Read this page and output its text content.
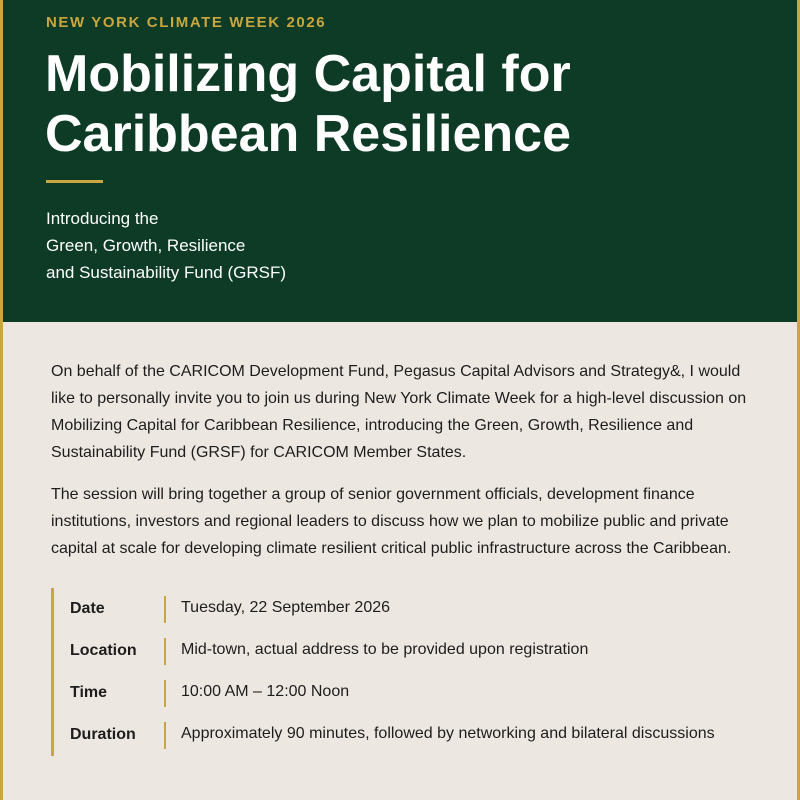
NEW YORK CLIMATE WEEK 2026
Mobilizing Capital for
Caribbean Resilience
Introducing the
Green, Growth, Resilience
and Sustainability Fund (GRSF)

On behalf of the CARICOM Development Fund, Pegasus Capital Advisors and Strategy&, I would like to personally invite you to join us during New York Climate Week for a high-level discussion on Mobilizing Capital for Caribbean Resilience, introducing the Green, Growth, Resilience and Sustainability Fund (GRSF) for CARICOM Member States.

The session will bring together a group of senior government officials, development finance institutions, investors and regional leaders to discuss how we plan to mobilize public and private capital at scale for developing climate resilient critical public infrastructure across the Caribbean.

Date	Tuesday, 22 September 2026
Location	Mid-town, actual address to be provided upon registration
Time	10:00 AM – 12:00 Noon
Duration	Approximately 90 minutes, followed by networking and bilateral discussions
